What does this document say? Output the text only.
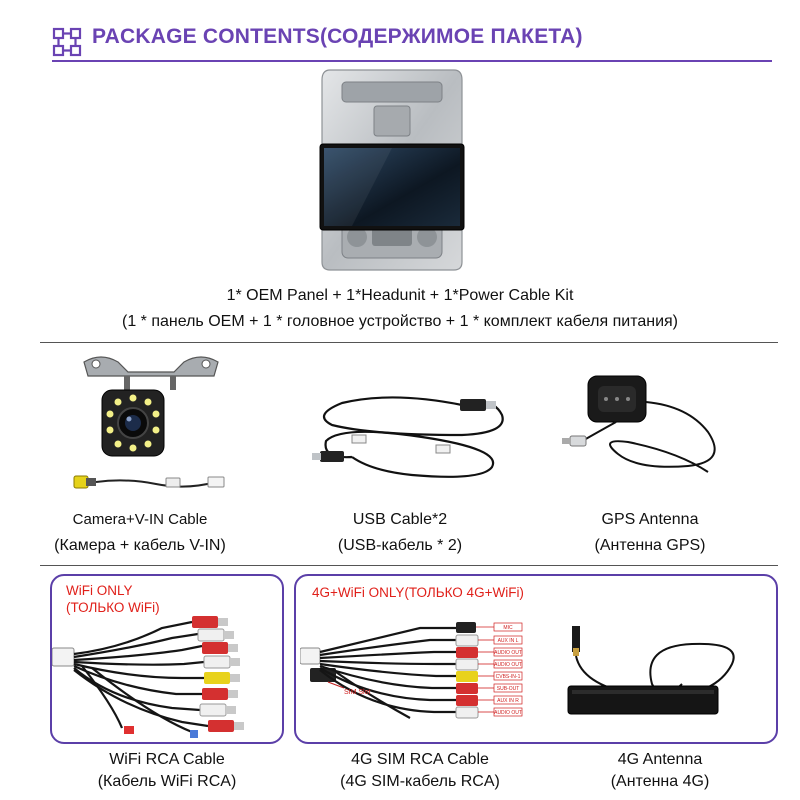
PACKAGE CONTENTS(СОДЕРЖИМОЕ ПАКЕТА)
1* OEM Panel + 1*Headunit + 1*Power Cable Kit
(1 * панель OEM + 1 * головное устройство + 1 * комплект кабеля питания)
Camera+V-IN Cable
(Камера + кабель V-IN)
USB Cable*2
(USB-кабель * 2)
GPS Antenna
(Антенна GPS)
WiFi ONLY
(ТОЛЬКО WiFi)
WiFi RCA Cable
(Кабель WiFi RCA)
4G+WiFi ONLY(ТОЛЬКО 4G+WiFi)
MIC
AUX IN L
AUDIO OUT
AUDIO OUT
CVBS-IN-1
SUB-OUT
AUX IN R
AUDIO OUT
SIM Slot
4G SIM RCA Cable
(4G SIM-кабель RCA)
4G Antenna
(Антенна 4G)
